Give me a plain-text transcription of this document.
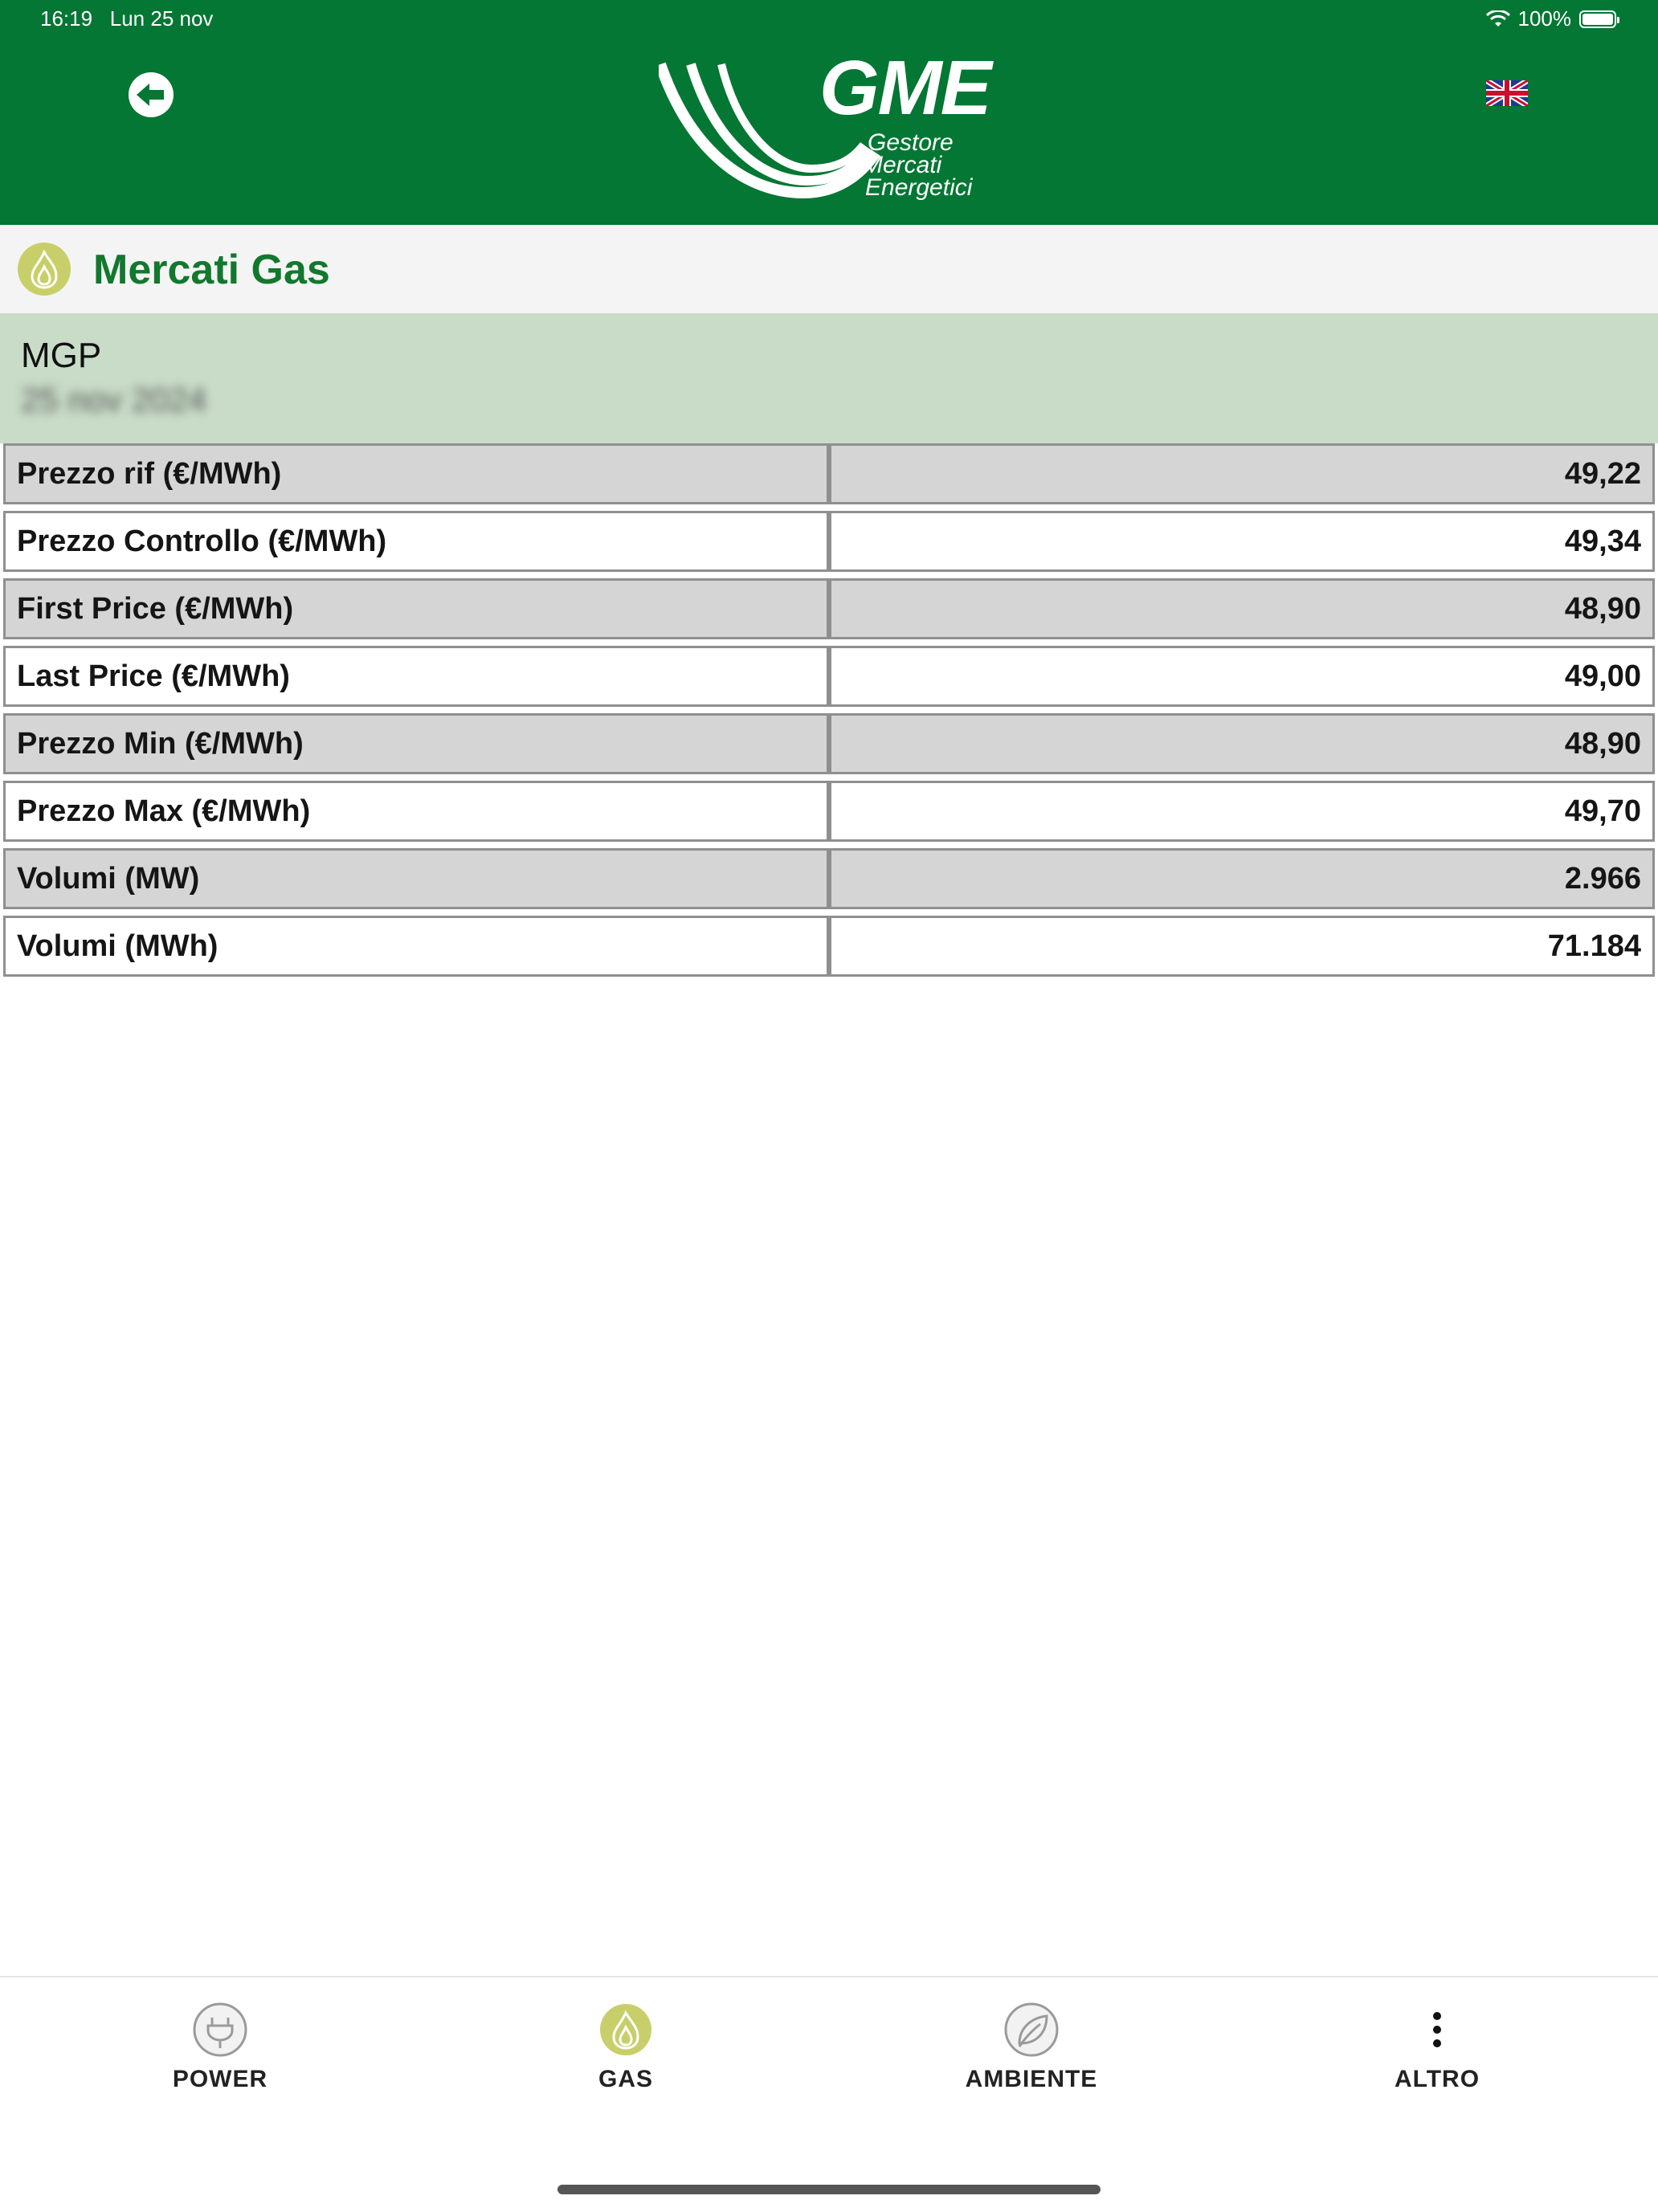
16:19 Lun 25 nov	100%
GME
Gestore
Mercati
Energetici
Mercati Gas
MGP
25 nov 2024
Prezzo rif (€/MWh)	49,22
Prezzo Controllo (€/MWh)	49,34
First Price (€/MWh)	48,90
Last Price (€/MWh)	49,00
Prezzo Min (€/MWh)	48,90
Prezzo Max (€/MWh)	49,70
Volumi (MW)	2.966
Volumi (MWh)	71.184
POWER	GAS	AMBIENTE	ALTRO
